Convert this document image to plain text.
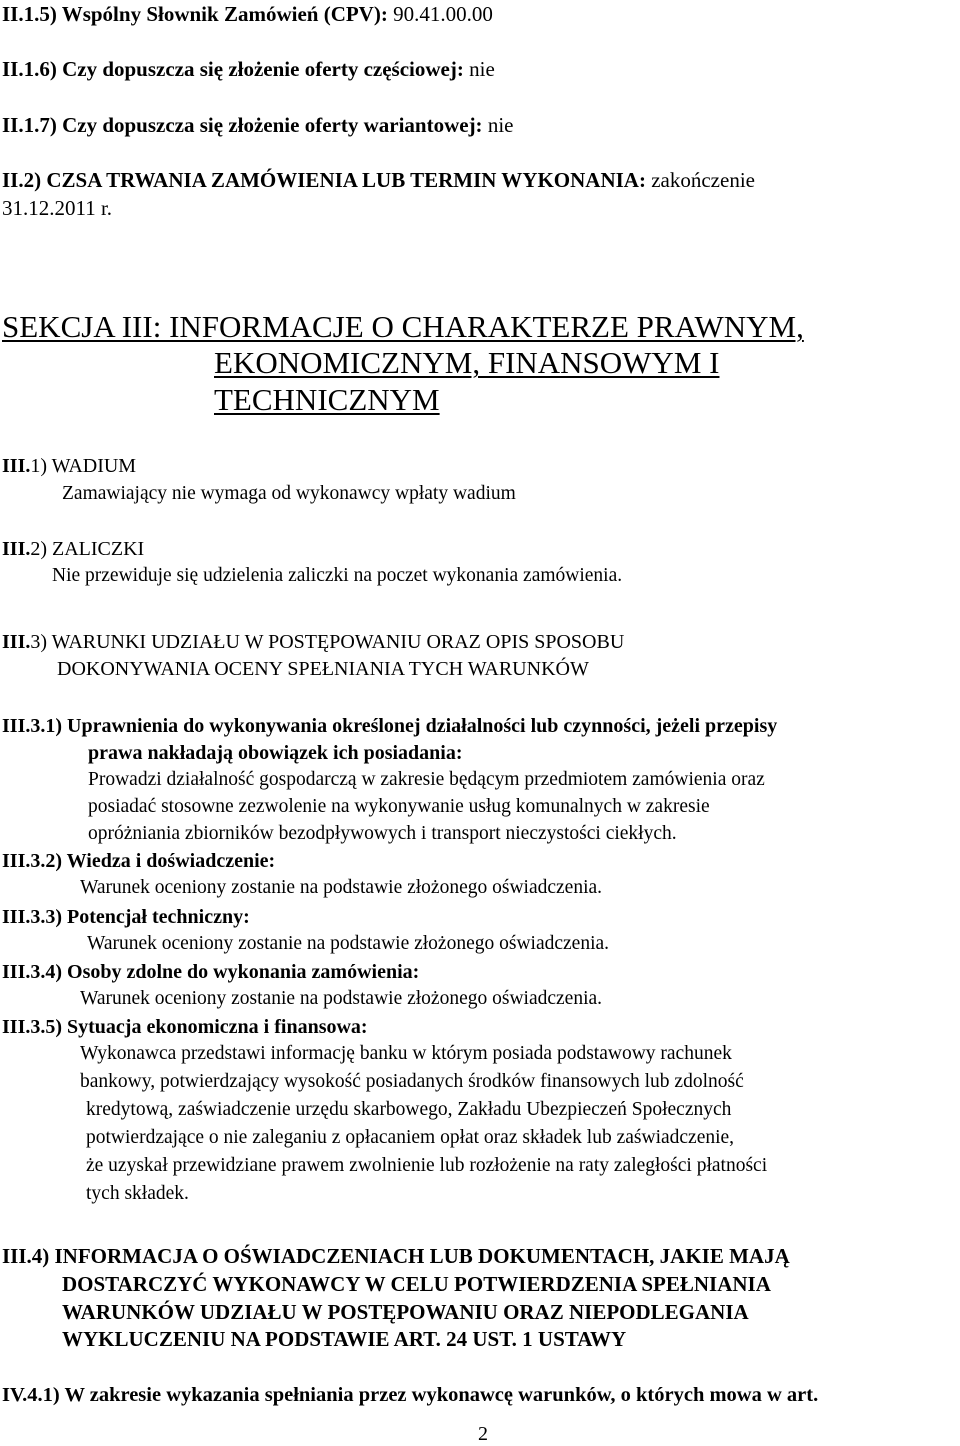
II.1.5) Wspólny Słownik Zamówień (CPV): 90.41.00.00
II.1.6) Czy dopuszcza się złożenie oferty częściowej: nie
II.1.7) Czy dopuszcza się złożenie oferty wariantowej: nie
II.2) CZSA TRWANIA ZAMÓWIENIA LUB TERMIN WYKONANIA: zakończenie
31.12.2011 r.
SEKCJA III: INFORMACJE O CHARAKTERZE PRAWNYM,
EKONOMICZNYM, FINANSOWYM I
TECHNICZNYM
III.1) WADIUM
Zamawiający nie wymaga od wykonawcy wpłaty wadium
III.2) ZALICZKI
Nie przewiduje się udzielenia zaliczki na poczet wykonania zamówienia.
III.3) WARUNKI UDZIAŁU W POSTĘPOWANIU ORAZ OPIS SPOSOBU
DOKONYWANIA OCENY SPEŁNIANIA TYCH WARUNKÓW
III.3.1) Uprawnienia do wykonywania określonej działalności lub czynności, jeżeli przepisy
prawa nakładają obowiązek ich posiadania:
Prowadzi działalność gospodarczą w zakresie będącym przedmiotem zamówienia oraz
posiadać stosowne zezwolenie na wykonywanie usług komunalnych w zakresie
opróżniania zbiorników bezodpływowych i transport nieczystości ciekłych.
III.3.2) Wiedza i doświadczenie:
Warunek oceniony zostanie na podstawie złożonego oświadczenia.
III.3.3) Potencjał techniczny:
Warunek oceniony zostanie na podstawie złożonego oświadczenia.
III.3.4) Osoby zdolne do wykonania zamówienia:
Warunek oceniony zostanie na podstawie złożonego oświadczenia.
III.3.5) Sytuacja ekonomiczna i finansowa:
Wykonawca przedstawi informację banku w którym posiada podstawowy rachunek
bankowy, potwierdzający wysokość posiadanych środków finansowych lub zdolność
kredytową, zaświadczenie urzędu skarbowego, Zakładu Ubezpieczeń Społecznych
potwierdzające o nie zaleganiu z opłacaniem opłat oraz składek lub zaświadczenie,
że uzyskał przewidziane prawem zwolnienie lub rozłożenie na raty zaległości płatności
tych składek.
III.4) INFORMACJA O OŚWIADCZENIACH LUB DOKUMENTACH, JAKIE MAJĄ
DOSTARCZYĆ WYKONAWCY W CELU POTWIERDZENIA SPEŁNIANIA
WARUNKÓW UDZIAŁU W POSTĘPOWANIU ORAZ NIEPODLEGANIA
WYKLUCZENIU NA PODSTAWIE ART. 24 UST. 1 USTAWY
IV.4.1) W zakresie wykazania spełniania przez wykonawcę warunków, o których mowa w art.
2
